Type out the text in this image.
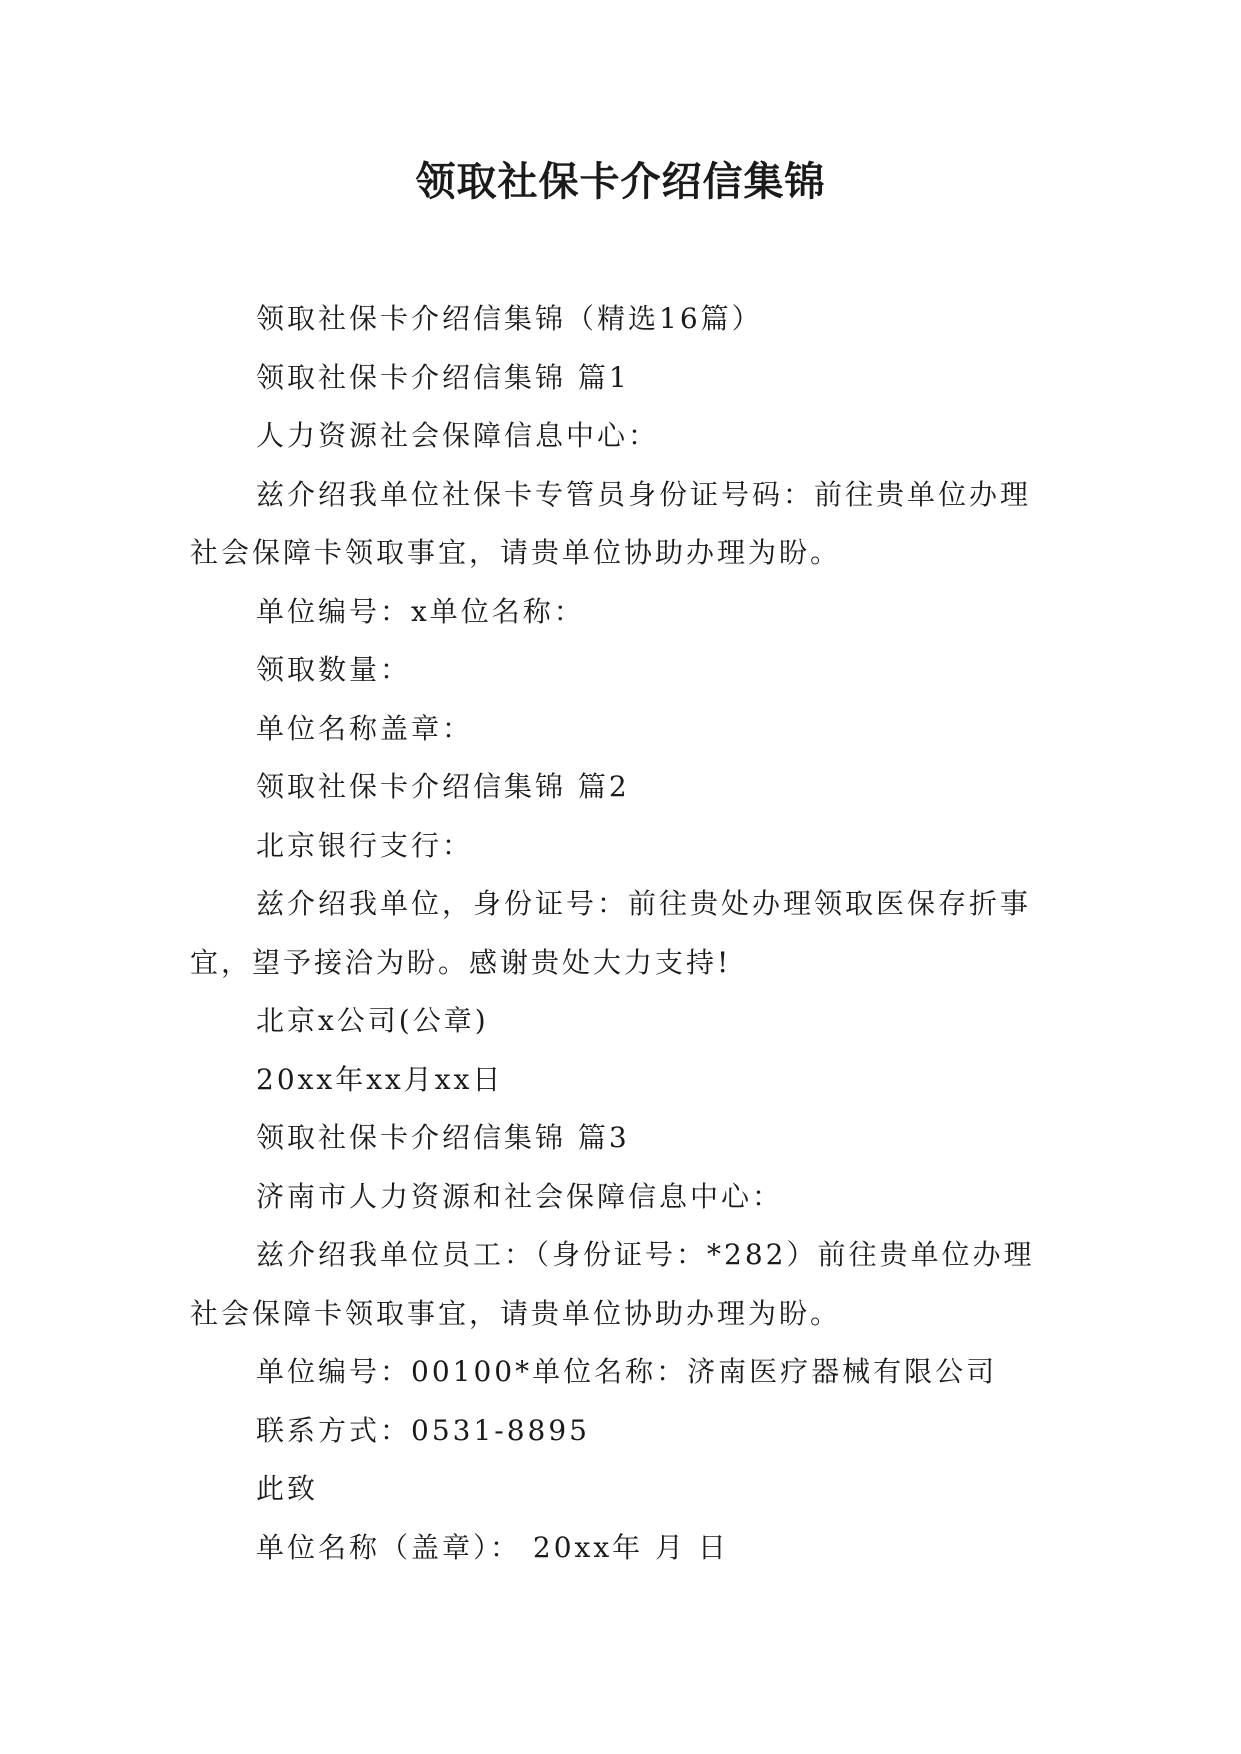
领取社保卡介绍信集锦

领取社保卡介绍信集锦（精选16篇）

领取社保卡介绍信集锦 篇1

人力资源社会保障信息中心：

兹介绍我单位社保卡专管员身份证号码：前往贵单位办理社会保障卡领取事宜，请贵单位协助办理为盼。

单位编号：x单位名称：

领取数量：

单位名称盖章：

领取社保卡介绍信集锦 篇2

北京银行支行：

兹介绍我单位，身份证号：前往贵处办理领取医保存折事宜，望予接洽为盼。感谢贵处大力支持!

北京x公司(公章)

20xx年xx月xx日

领取社保卡介绍信集锦 篇3

济南市人力资源和社会保障信息中心：

兹介绍我单位员工：（身份证号：*282）前往贵单位办理社会保障卡领取事宜，请贵单位协助办理为盼。

单位编号：00100*单位名称：济南医疗器械有限公司

联系方式：0531-8895

此致

单位名称（盖章）： 20xx年 月 日
